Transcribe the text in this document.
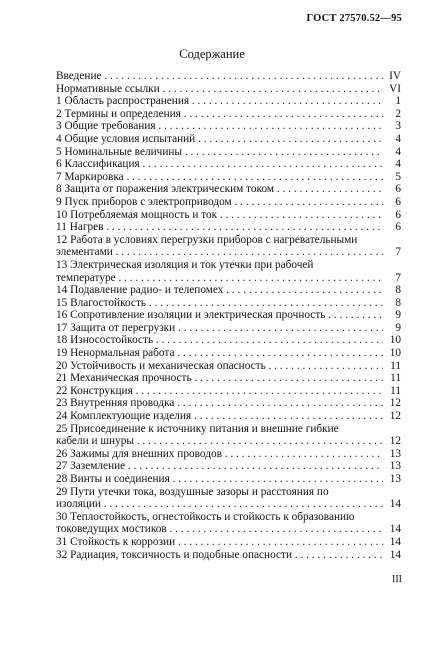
ГОСТ 27570.52—95
Содержание
Введение . . .	IV
Нормативные ссылки . . .	VI
1 Область распространения . . .	1
2 Термины и определения . . .	2
3 Общие требования . . .	3
4 Общие условия испытаний . . .	4
5 Номинальные величины . . .	4
6 Классификация . . .	4
7 Маркировка . . .	5
8 Защита от поражения электрическим током . . .	6
9 Пуск приборов с электроприводом . . .	6
10 Потребляемая мощность и ток . . .	6
11 Нагрев . . .	6
12 Работа в условиях перегрузки приборов с нагревательными
элементами . . .	7
13 Электрическая изоляция и ток утечки при рабочей
температуре . . .	7
14 Подавление радио- и телепомех . . .	8
15 Влагостойкость . . .	8
16 Сопротивление изоляции и электрическая прочность . . .	9
17 Защита от перегрузки . . .	9
18 Износостойкость . . .	10
19 Ненормальная работа . . .	10
20 Устойчивость и механическая опасность . . .	11
21 Механическая прочность . . .	11
22 Конструкция . . .	11
23 Внутренняя проводка . . .	12
24 Комплектующие изделия . . .	12
25 Присоединение к источнику питания и внешние гибкие
кабели и шнуры . . .	12
26 Зажимы для внешних проводов . . .	13
27 Заземление . . .	13
28 Винты и соединения . . .	13
29 Пути утечки тока, воздушные зазоры и расстояния по
изоляции . . .	14
30 Теплостойкость, огнестойкость и стойкость к образованию
токоведущих мостиков . . .	14
31 Стойкость к коррозии . . .	14
32 Радиация, токсичность и подобные опасности . . .	14
III
